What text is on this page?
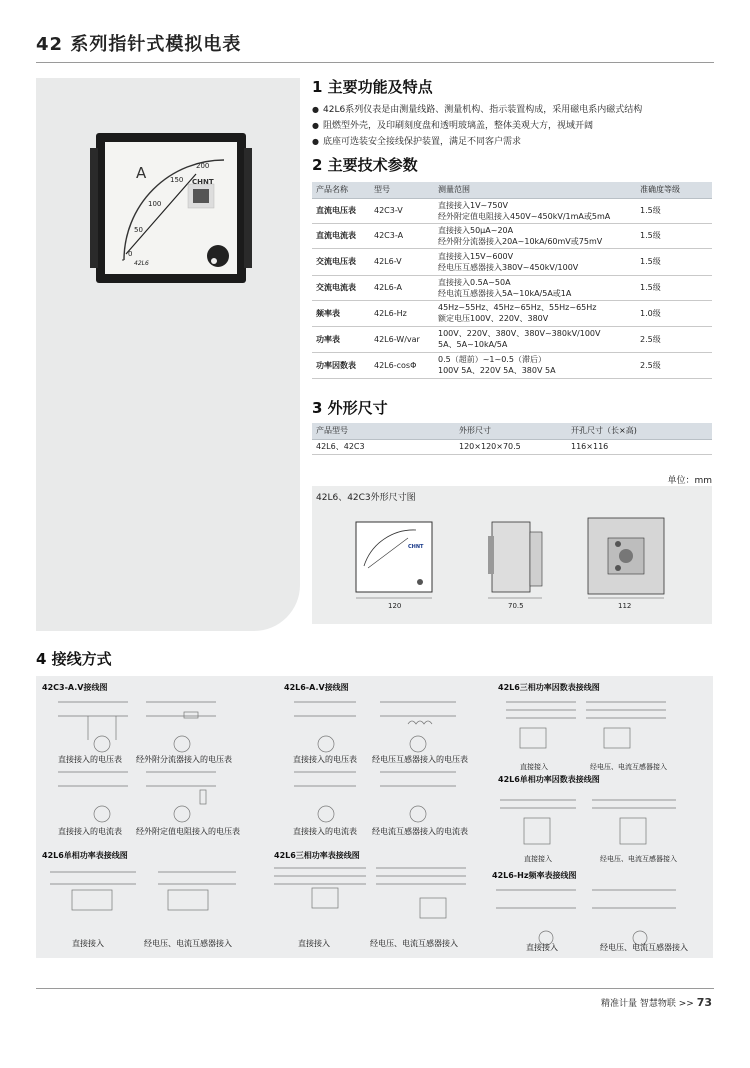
42 系列指针式模拟电表
A	200
150
100
50
0
CHNT
42L6
1 主要功能及特点
● 42L6系列仪表是由测量线路、测量机构、指示装置构成，采用磁电系内磁式结构
● 阻燃型外壳，及印刷刻度盘和透明玻璃盖，整体美观大方，视域开阔
● 底座可选装安全接线保护装置，满足不同客户需求
2 主要技术参数
产品名称	型号	测量范围	准确度等级
直流电压表	42C3-V	直接接入1V~750V
经外附定值电阻接入450V~450kV/1mA或5mA	1.5级
直流电流表	42C3-A	直接接入50μA~20A
经外附分流器接入20A~10kA/60mV或75mV	1.5级
交流电压表	42L6-V	直接接入15V~600V
经电压互感器接入380V~450kV/100V	1.5级
交流电流表	42L6-A	直接接入0.5A~50A
经电流互感器接入5A~10kA/5A或1A	1.5级
频率表	42L6-Hz	45Hz~55Hz、45Hz~65Hz、55Hz~65Hz
额定电压100V、220V、380V	1.0级
功率表	42L6-W/var	100V、220V、380V、380V~380kV/100V
5A、5A~10kA/5A	2.5级
功率因数表	42L6-cosΦ	0.5（超前）~1~0.5（滞后）
100V 5A、220V 5A、380V 5A	2.5级
3 外形尺寸
产品型号	外形尺寸	开孔尺寸（长×高)
42L6、42C3	120×120×70.5	116×116
单位：mm
42L6、42C3外形尺寸图
120	70.5	112
CHNT
4 接线方式
42C3-A.V接线图	42L6-A.V接线图	42L6三相功率因数表接线图
42L6单相功率因数表接线图
42L6单相功率表接线图	42L6三相功率表接线图
42L6-Hz频率表接线图
直接接入的电压表 经外附分流器接入的电压表
直接接入的电流表 经外附定值电阻接入的电压表
直接接入的电压表 经电压互感器接入的电压表
直接接入的电流表 经电流互感器接入的电流表
直接接入	经电压、电流互感器接入
直接接入	经电压、电流互感器接入
直接接入	经电压、电流互感器接入	直接接入	经电压、电流互感器接入	直接接入	经电压、电流互感器接入
精准计量 智慧物联 >> 73
